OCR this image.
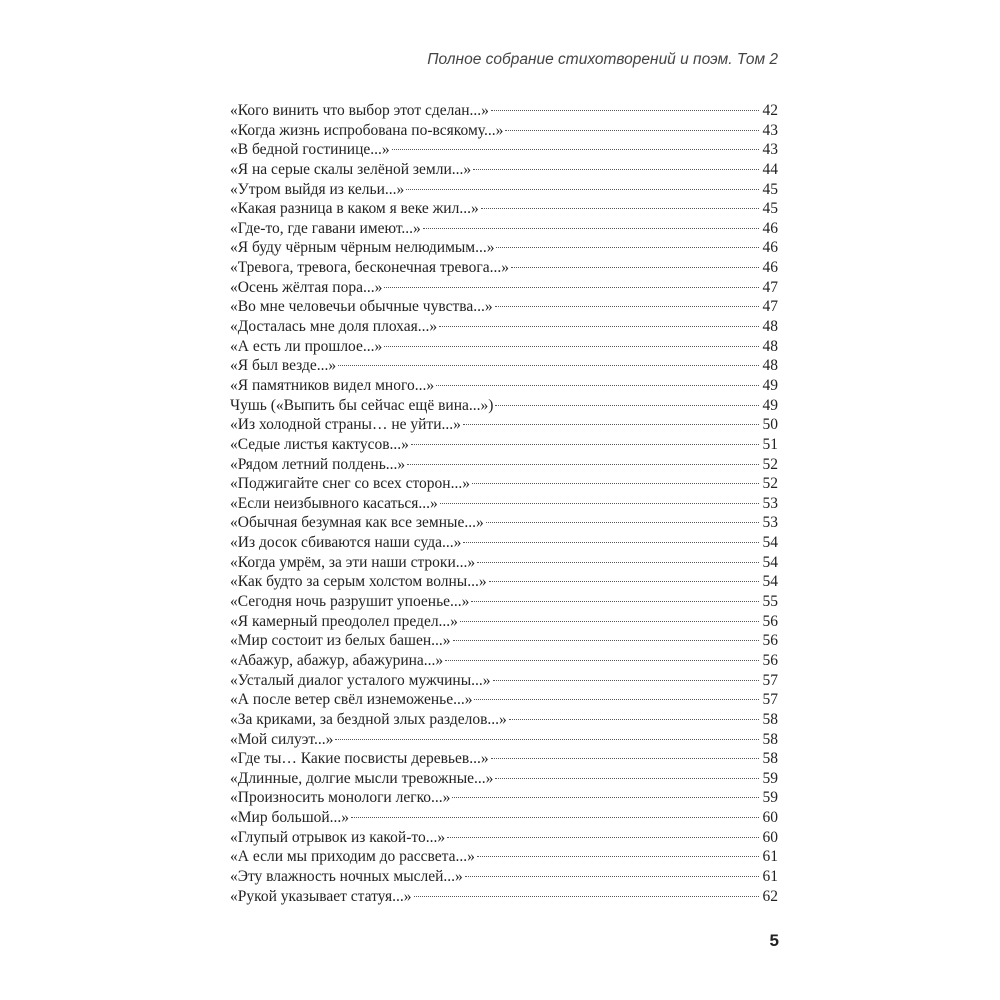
Полное собрание стихотворений и поэм. Том 2
«Кого винить что выбор этот сделан...»	42
«Когда жизнь испробована по-всякому...»	43
«В бедной гостинице...»	43
«Я на серые скалы зелёной земли...»	44
«Утром выйдя из кельи...»	45
«Какая разница в каком я веке жил...»	45
«Где-то, где гавани имеют...»	46
«Я буду чёрным чёрным нелюдимым...»	46
«Тревога, тревога, бесконечная тревога...»	46
«Осень жёлтая пора...»	47
«Во мне человечьи обычные чувства...»	47
«Досталась мне доля плохая...»	48
«А есть ли прошлое...»	48
«Я был везде...»	48
«Я памятников видел много...»	49
Чушь («Выпить бы сейчас ещё вина...»)	49
«Из холодной страны… не уйти...»	50
«Седые листья кактусов...»	51
«Рядом летний полдень...»	52
«Поджигайте снег со всех сторон...»	52
«Если неизбывного касаться...»	53
«Обычная безумная как все земные...»	53
«Из досок сбиваются наши суда...»	54
«Когда умрём, за эти наши строки...»	54
«Как будто за серым холстом волны...»	54
«Сегодня ночь разрушит упоенье...»	55
«Я камерный преодолел предел...»	56
«Мир состоит из белых башен...»	56
«Абажур, абажур, абажурина...»	56
«Усталый диалог усталого мужчины...»	57
«А после ветер свёл изнеможенье...»	57
«За криками, за бездной злых разделов...»	58
«Мой силуэт...»	58
«Где ты… Какие посвисты деревьев...»	58
«Длинные, долгие мысли тревожные...»	59
«Произносить монологи легко...»	59
«Мир большой...»	60
«Глупый отрывок из какой-то...»	60
«А если мы приходим до рассвета...»	61
«Эту влажность ночных мыслей...»	61
«Рукой указывает статуя...»	62
5
